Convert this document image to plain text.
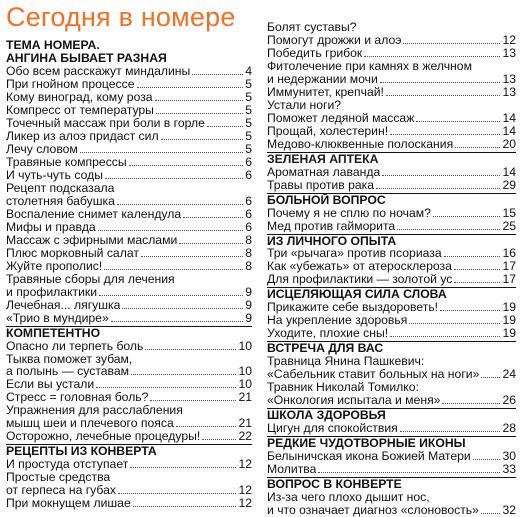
Сегодня в номере
ТЕМА НОМЕРА.
АНГИНА БЫВАЕТ РАЗНАЯ
Обо всем расскажут миндалины	4
При гнойном процессе	5
Кому виноград, кому роза	5
Компресс от температуры	5
Точечный массаж при боли в горле	5
Ликер из алоэ придаст сил	5
Лечу словом	5
Травяные компрессы	6
И чуть-чуть соды	6
Рецепт подсказала
столетняя бабушка	6
Воспаление снимет календула	6
Мифы и правда	6
Массаж с эфирными маслами	8
Плюс морковный салат	8
Жуйте прополис!	8
Травяные сборы для лечения
и профилактики	9
Лечебная... лягушка	9
«Трио в мундире»	9
КОМПЕТЕНТНО
Опасно ли терпеть боль	10
Тыква поможет зубам,
а полынь — суставам	10
Если вы устали	10
Стресс = головная боль?	21
Упражнения для расслабления
мышц шеи и плечевого пояса	21
Осторожно, лечебные процедуры!	22
РЕЦЕПТЫ ИЗ КОНВЕРТА
И простуда отступает	12
Простые средства
от герпеса на губах	12
При мокнущем лишае	12
Болят суставы?
Помогут дрожжи и алоэ	12
Победить грибок	13
Фитолечение при камнях в желчном
и недержании мочи	13
Иммунитет, крепчай!	13
Устали ноги?
Поможет ледяной массаж	14
Прощай, холестерин!	14
Медово-клюквенные полоскания	20
ЗЕЛЕНАЯ АПТЕКА
Ароматная лаванда	14
Травы против рака	29
БОЛЬНОЙ ВОПРОС
Почему я не сплю по ночам?	15
Мед против гайморита	25
ИЗ ЛИЧНОГО ОПЫТА
Три «рычага» против псориаза	16
Как «убежать» от атеросклероза	17
Для профилактики — золотой ус	17
ИСЦЕЛЯЮЩАЯ СИЛА СЛОВА
Прикажите себе выздороветь!	19
На укрепление здоровья	19
Уходите, плохие сны!	19
ВСТРЕЧА ДЛЯ ВАС
Травница Янина Пашкевич:
«Сабельник ставит больных на ноги» 24
Травник Николай Томилко:
«Онкология испытала и меня»	26
ШКОЛА ЗДОРОВЬЯ
Цигун для спокойствия	28
РЕДКИЕ ЧУДОТВОРНЫЕ ИКОНЫ
Белыничская икона Божией Матери	30
Молитва	33
ВОПРОС В КОНВЕРТЕ
Из-за чего плохо дышит нос,
и что означает диагноз «слоновость» 32
